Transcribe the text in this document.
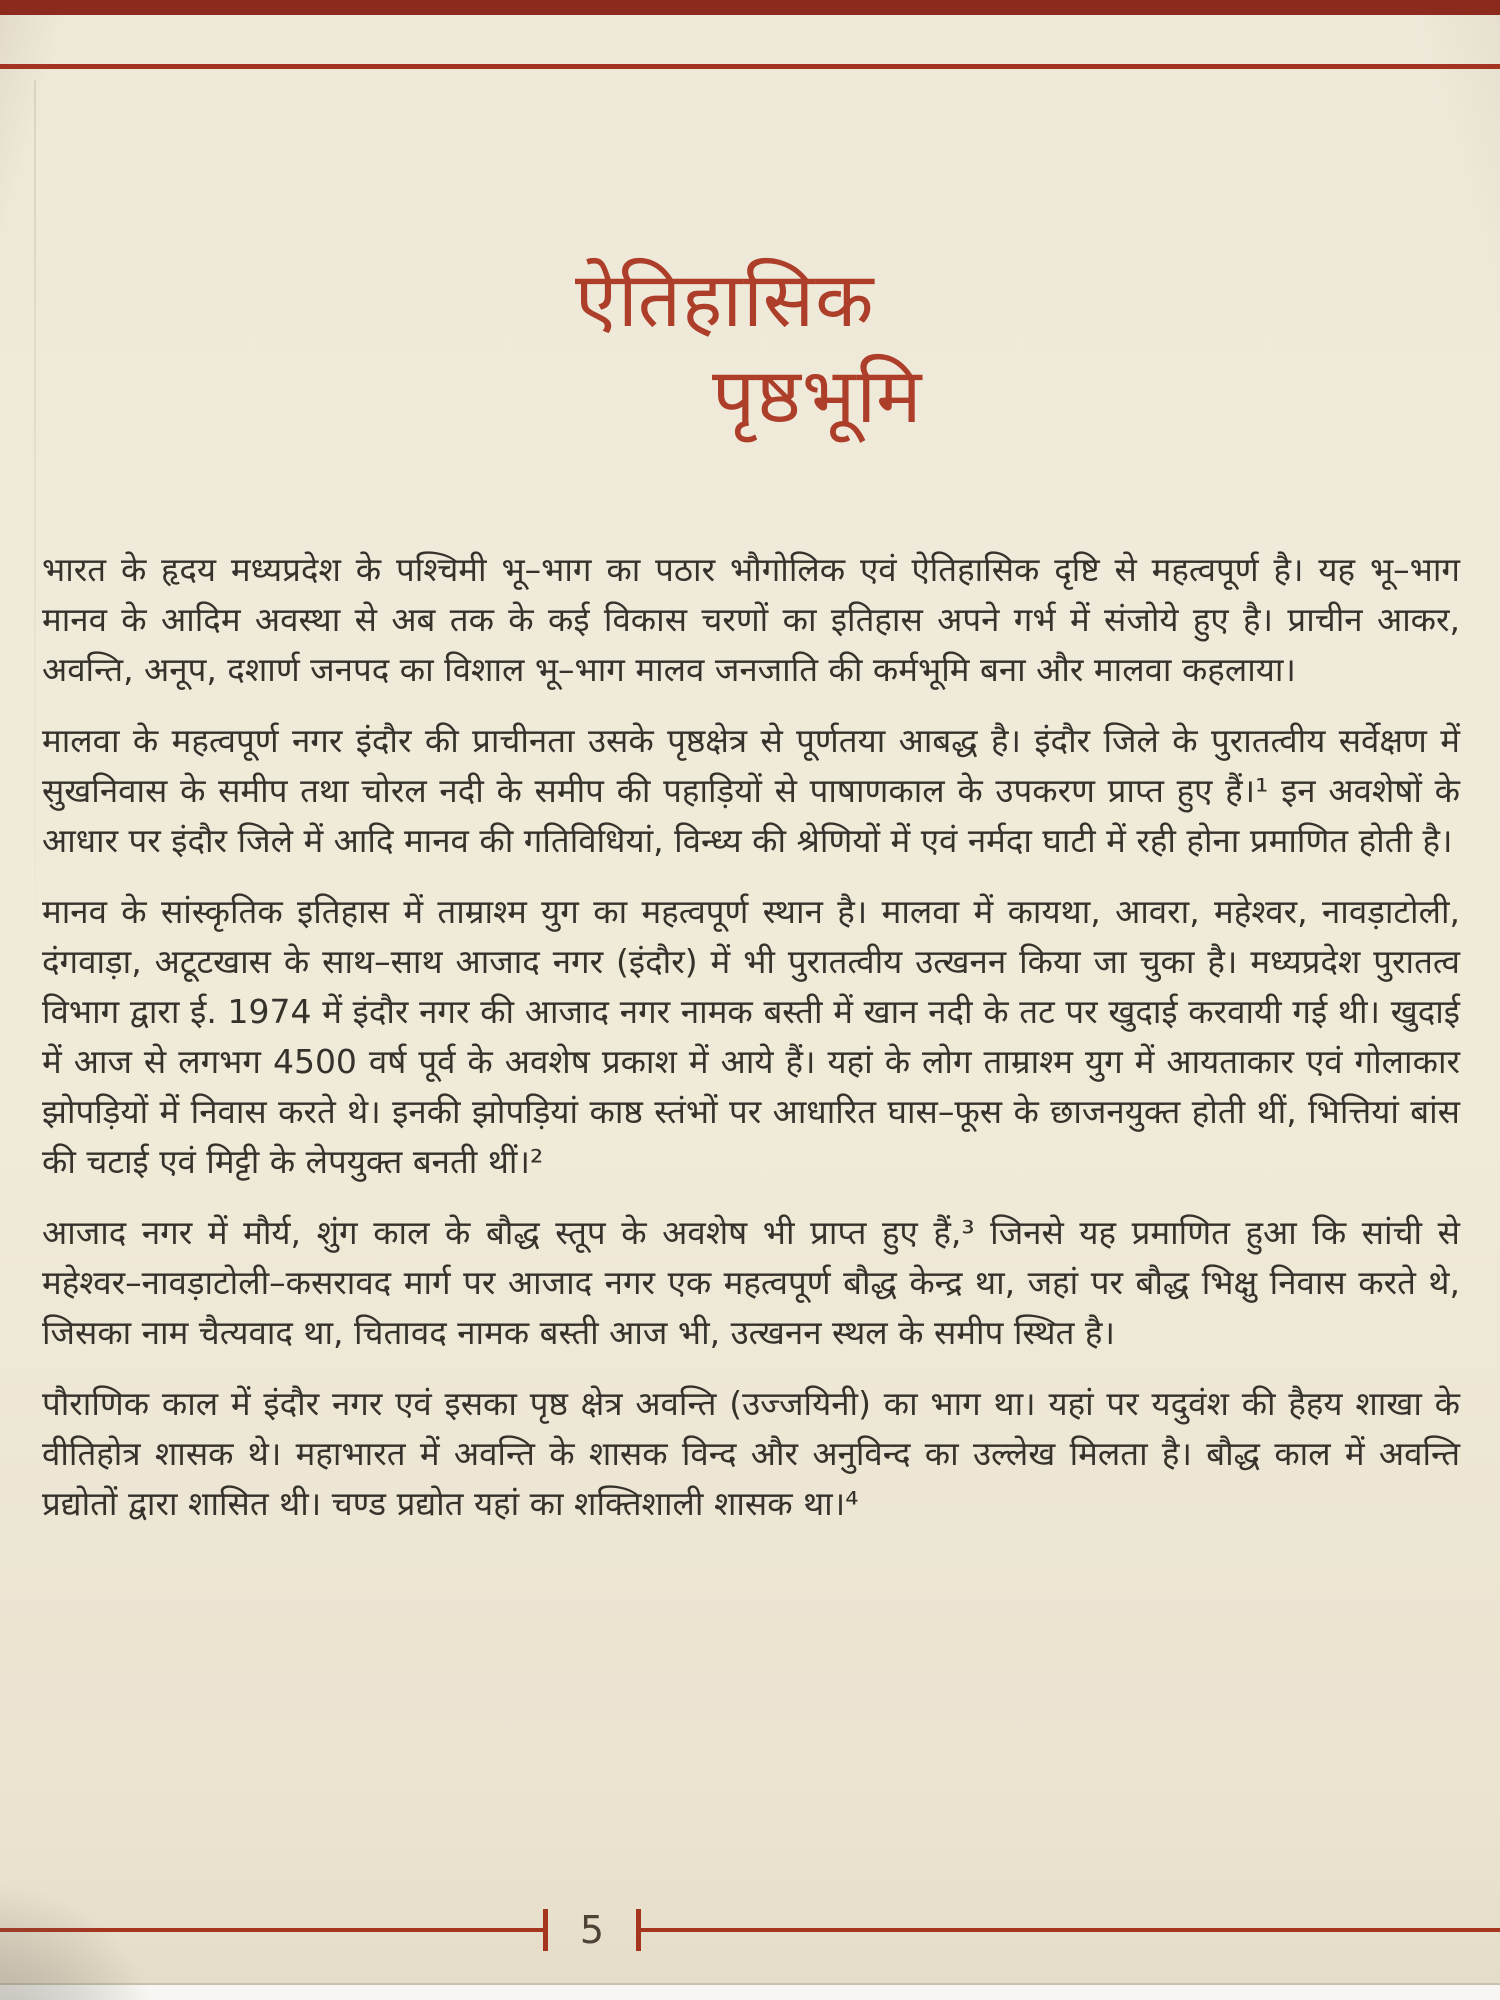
ऐतिहासिक
पृष्ठभूमि

भारत के हृदय मध्यप्रदेश के पश्चिमी भू–भाग का पठार भौगोलिक एवं ऐतिहासिक दृष्टि से महत्वपूर्ण है। यह भू–भाग मानव के आदिम अवस्था से अब तक के कई विकास चरणों का इतिहास अपने गर्भ में संजोये हुए है। प्राचीन आकर, अवन्ति, अनूप, दशार्ण जनपद का विशाल भू–भाग मालव जनजाति की कर्मभूमि बना और मालवा कहलाया।

मालवा के महत्वपूर्ण नगर इंदौर की प्राचीनता उसके पृष्ठक्षेत्र से पूर्णतया आबद्ध है। इंदौर जिले के पुरातत्वीय सर्वेक्षण में सुखनिवास के समीप तथा चोरल नदी के समीप की पहाड़ियों से पाषाणकाल के उपकरण प्राप्त हुए हैं।¹ इन अवशेषों के आधार पर इंदौर जिले में आदि मानव की गतिविधियां, विन्ध्य की श्रेणियों में एवं नर्मदा घाटी में रही होना प्रमाणित होती है।

मानव के सांस्कृतिक इतिहास में ताम्राश्म युग का महत्वपूर्ण स्थान है। मालवा में कायथा, आवरा, महेश्वर, नावड़ाटोली, दंगवाड़ा, अटूटखास के साथ–साथ आजाद नगर (इंदौर) में भी पुरातत्वीय उत्खनन किया जा चुका है। मध्यप्रदेश पुरातत्व विभाग द्वारा ई. 1974 में इंदौर नगर की आजाद नगर नामक बस्ती में खान नदी के तट पर खुदाई करवायी गई थी। खुदाई में आज से लगभग 4500 वर्ष पूर्व के अवशेष प्रकाश में आये हैं। यहां के लोग ताम्राश्म युग में आयताकार एवं गोलाकार झोपड़ियों में निवास करते थे। इनकी झोपड़ियां काष्ठ स्तंभों पर आधारित घास–फूस के छाजनयुक्त होती थीं, भित्तियां बांस की चटाई एवं मिट्टी के लेपयुक्त बनती थीं।²

आजाद नगर में मौर्य, शुंग काल के बौद्ध स्तूप के अवशेष भी प्राप्त हुए हैं,³ जिनसे यह प्रमाणित हुआ कि सांची से महेश्वर–नावड़ाटोली–कसरावद मार्ग पर आजाद नगर एक महत्वपूर्ण बौद्ध केन्द्र था, जहां पर बौद्ध भिक्षु निवास करते थे, जिसका नाम चैत्यवाद था, चितावद नामक बस्ती आज भी, उत्खनन स्थल के समीप स्थित है।

पौराणिक काल में इंदौर नगर एवं इसका पृष्ठ क्षेत्र अवन्ति (उज्जयिनी) का भाग था। यहां पर यदुवंश की हैहय शाखा के वीतिहोत्र शासक थे। महाभारत में अवन्ति के शासक विन्द और अनुविन्द का उल्लेख मिलता है। बौद्ध काल में अवन्ति प्रद्योतों द्वारा शासित थी। चण्ड प्रद्योत यहां का शक्तिशाली शासक था।⁴

5
